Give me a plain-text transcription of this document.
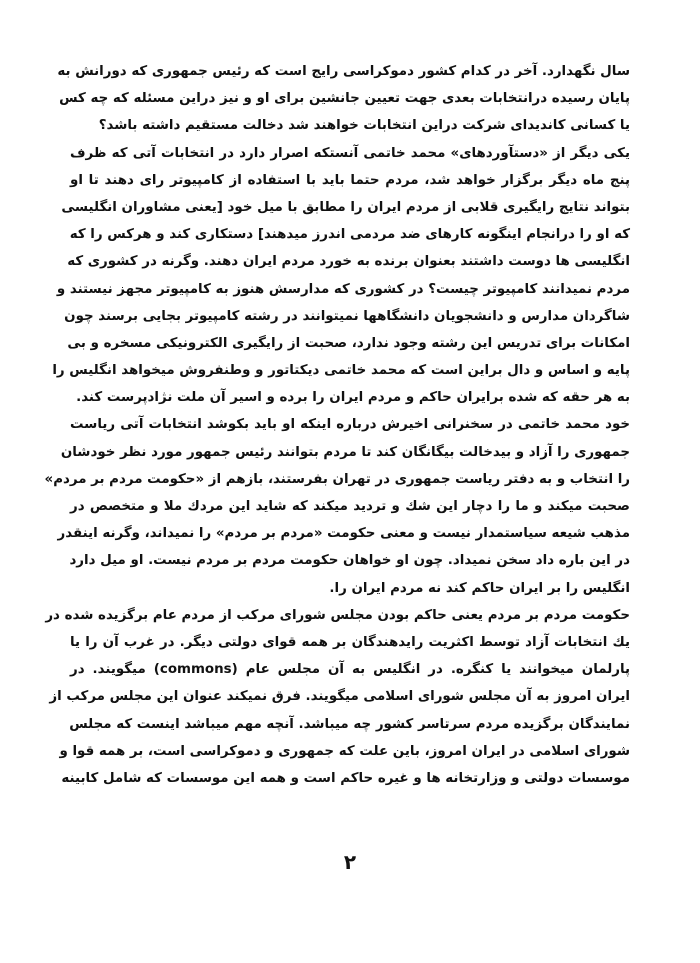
سال نگهدارد. آخر در کدام کشور دموکراسی رایج است که رئیس جمهوری که دورانش به
پایان رسیده درانتخابات بعدی جهت تعیین جانشین برای او و نیز دراین مسئله که چه کس
یا کسانی کاندیدای شرکت دراین انتخابات خواهند شد دخالت مستقیم داشته باشد؟
یکی دیگر از «دستآوردهای» محمد خاتمی آنستکه اصرار دارد در انتخابات آتی که ظرف
پنج ماه دیگر برگزار خواهد شد، مردم حتما باید با استفاده از کامپیوتر رای دهند تا او
بتواند نتایج رایگیری قلابی از مردم ایران را مطابق با میل خود [یعنی مشاوران انگلیسی
که او را درانجام اینگونه کارهای ضد مردمی اندرز میدهند] دستکاری کند و هرکس را که
انگلیسی ها دوست داشتند بعنوان برنده به خورد مردم ایران دهند. وگرنه در کشوری که
مردم نمیدانند کامپیوتر چیست؟ در کشوری که مدارسش هنوز به کامپیوتر مجهز نیستند و
شاگردان مدارس و دانشجویان دانشگاهها نمیتوانند در رشته کامپیوتر بجایی برسند چون
امکانات برای تدریس این رشته وجود ندارد، صحبت از رایگیری الکترونیکی مسخره و بی
پایه و اساس و دال براین است که محمد خاتمی دیکتاتور و وطنفروش میخواهد انگلیس را
به هر حقه که شده برایران حاکم و مردم ایران را برده و اسیر آن ملت نژادپرست کند.
خود محمد خاتمی در سخنرانی اخیرش درباره اینکه او باید بکوشد انتخابات آتی ریاست
جمهوری را آزاد و بیدخالت بیگانگان کند تا مردم بتوانند رئیس جمهور مورد نظر خودشان
را انتخاب و به دفتر ریاست جمهوری در تهران بفرستند، بازهم از «حکومت مردم بر مردم»
صحبت میکند و ما را دچار این شك و تردید میکند که شاید این مردك ملا و متخصص در
مذهب شیعه سیاستمدار نیست و معنی حکومت «مردم بر مردم» را نمیداند، وگرنه اینقدر
در این باره داد سخن نمیداد. چون او خواهان حکومت مردم بر مردم نیست. او میل دارد
انگلیس را بر ایران حاکم کند نه مردم ایران را.
حکومت مردم بر مردم یعنی حاکم بودن مجلس شورای مرکب از مردم عام برگزیده شده در
یك انتخابات آزاد توسط اکثریت رایدهندگان بر همه قوای دولتی دیگر. در غرب آن را یا
پارلمان میخوانند یا کنگره. در انگلیس به آن مجلس عام (commons) میگویند. در
ایران امروز به آن مجلس شورای اسلامی میگویند. فرق نمیکند عنوان این مجلس مرکب از
نمایندگان برگزیده مردم سرتاسر کشور چه میباشد. آنچه مهم میباشد اینست که مجلس
شورای اسلامی در ایران امروز، باین علت که جمهوری و دموکراسی است، بر همه قوا و
موسسات دولتی و وزارتخانه ها و غیره حاکم است و همه این موسسات که شامل کابینه
۲
